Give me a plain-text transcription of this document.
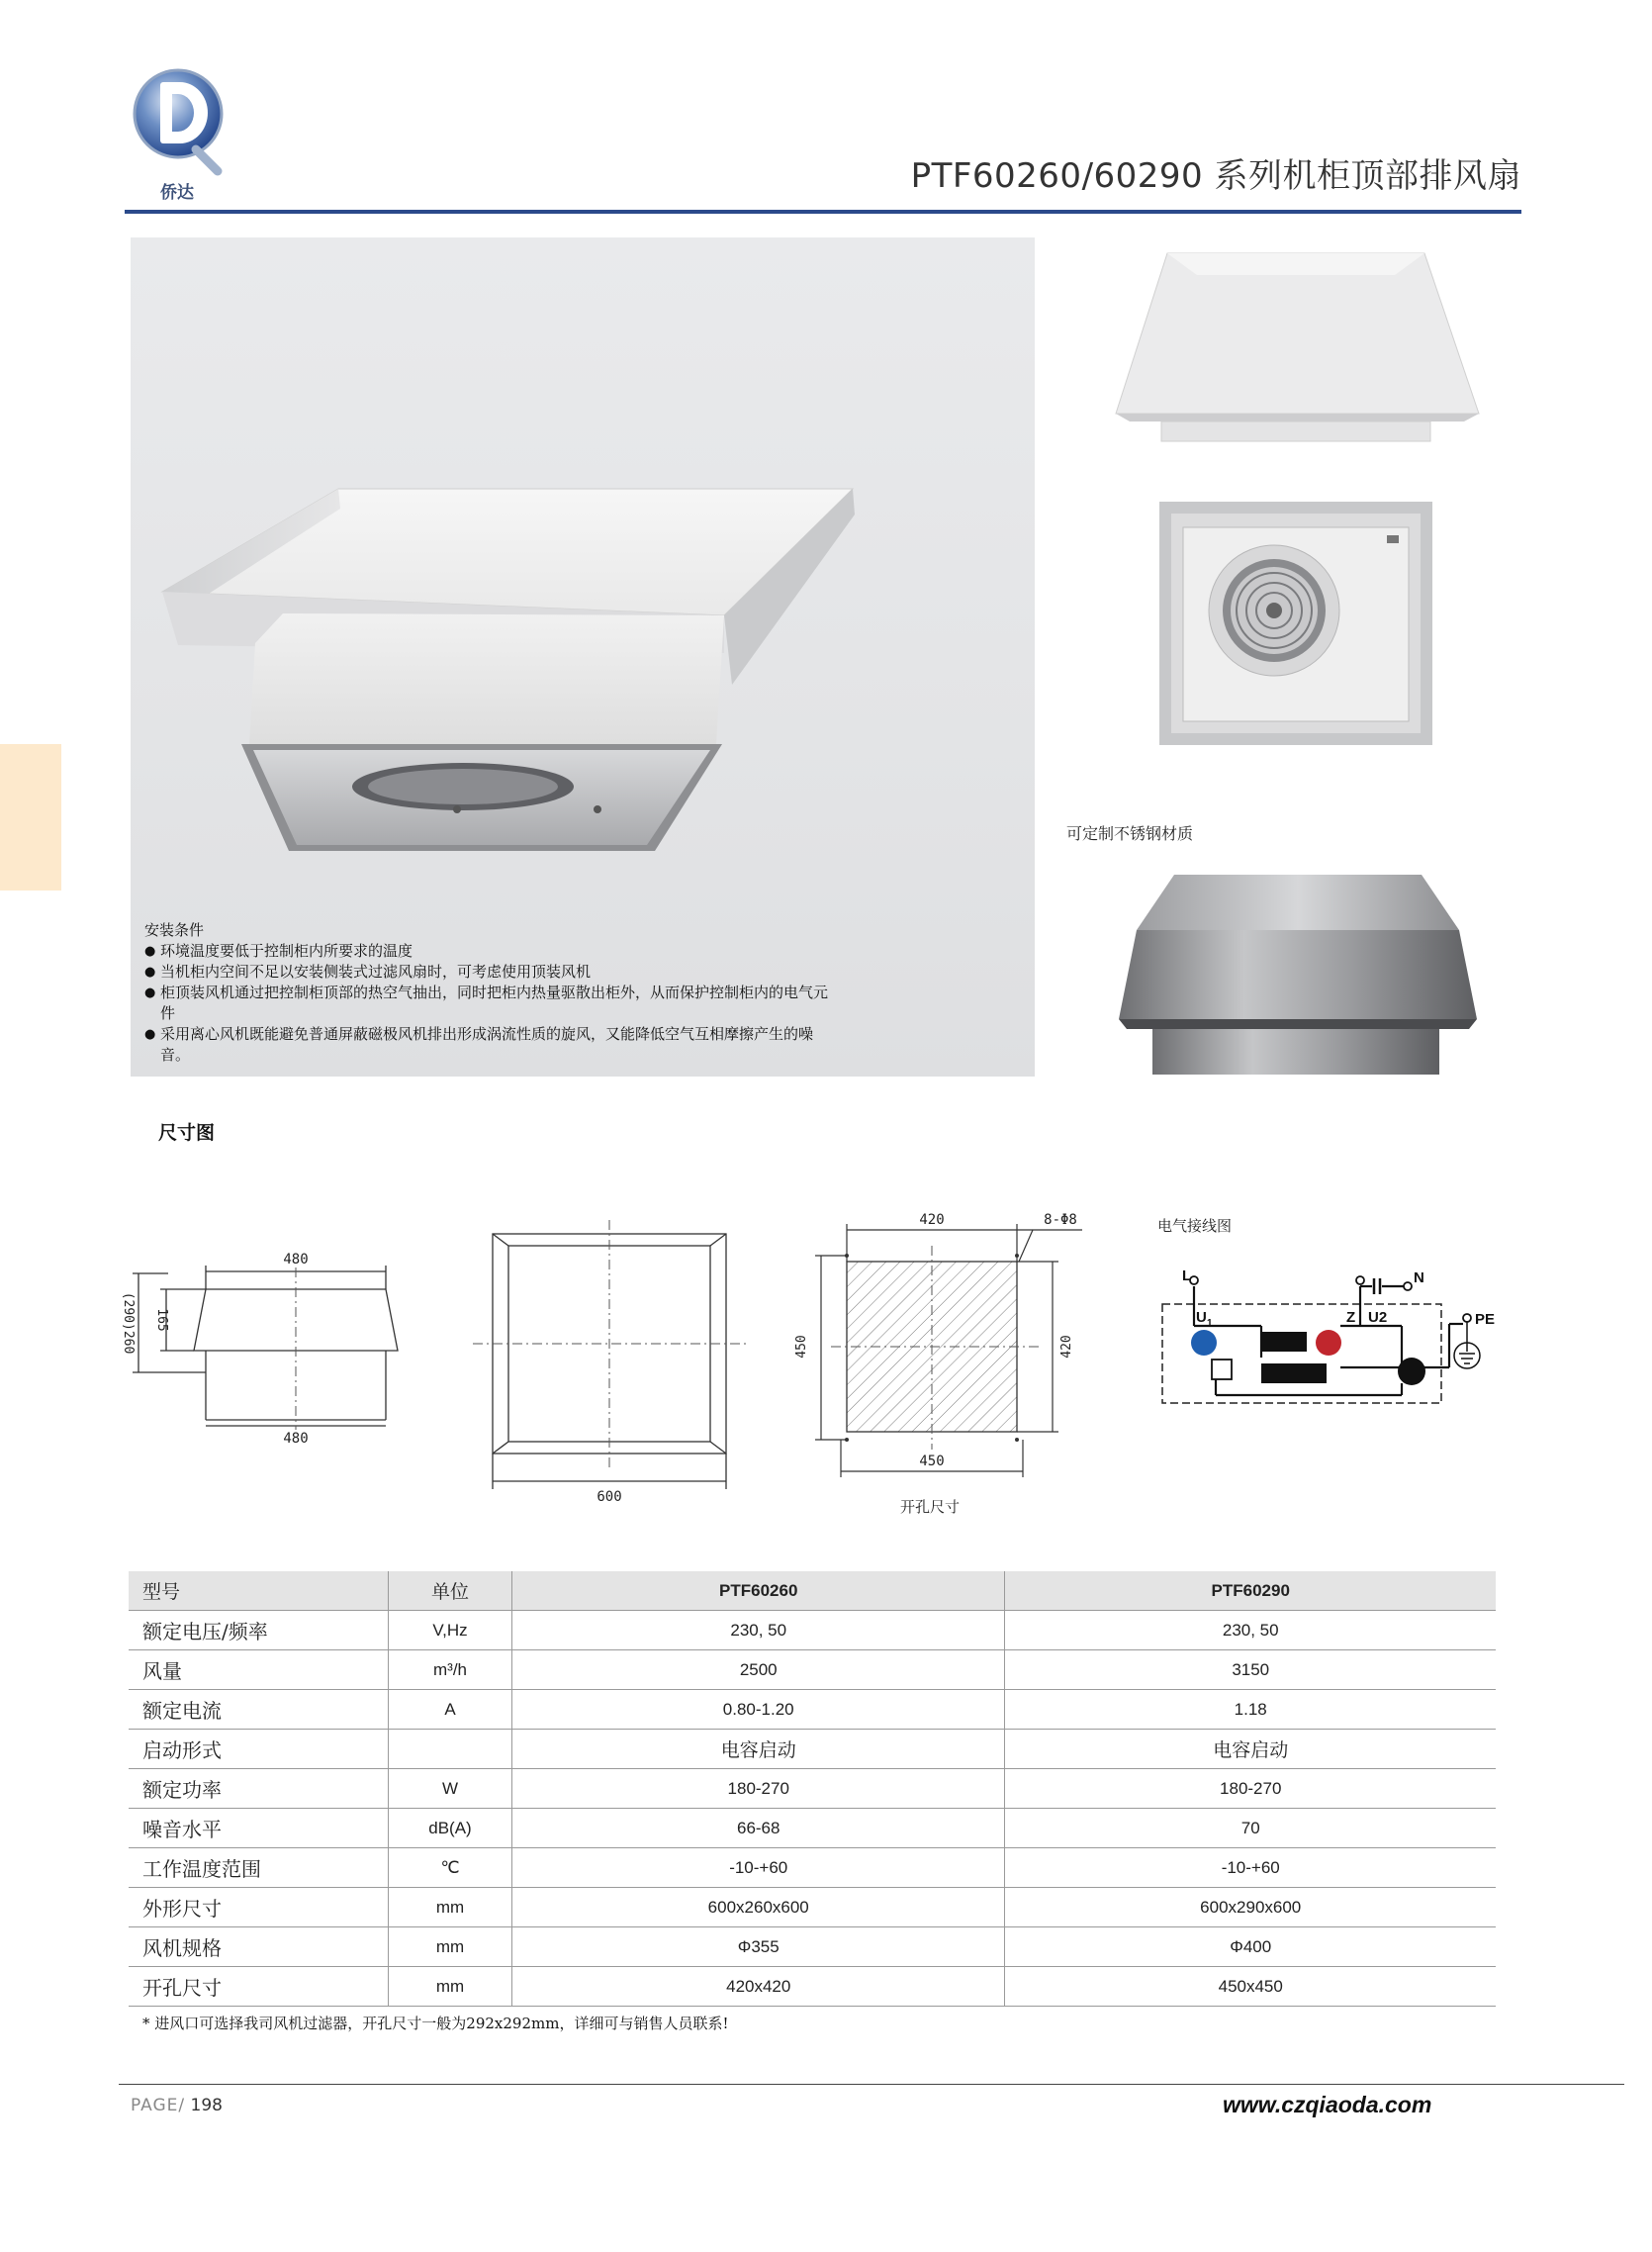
侨达	PTF60260/60290 系列机柜顶部排风扇
安装条件
● 环境温度要低于控制柜内所要求的温度
● 当机柜内空间不足以安装侧装式过滤风扇时，可考虑使用顶装风机
● 柜顶装风机通过把控制柜顶部的热空气抽出，同时把柜内热量驱散出柜外，从而保护控制柜内的电气元件
● 采用离心风机既能避免普通屏蔽磁极风机排出形成涡流性质的旋风，又能降低空气互相摩擦产生的噪音。
可定制不锈钢材质
尺寸图
480
480
165
(290)260
600
420	8-Φ8
450	420
450
开孔尺寸
电气接线图
L	N
U 1	Z U2	PE
型号	单位	PTF60260	PTF60290
额定电压/频率	V,Hz	230, 50	230, 50
风量	m³/h	2500	3150
额定电流	A	0.80-1.20	1.18
启动形式		电容启动	电容启动
额定功率	W	180-270	180-270
噪音水平	dB(A)	66-68	70
工作温度范围	℃	-10-+60	-10-+60
外形尺寸	mm	600x260x600	600x290x600
风机规格	mm	Φ355	Φ400
开孔尺寸	mm	420x420	450x450
* 进风口可选择我司风机过滤器，开孔尺寸一般为292x292mm，详细可与销售人员联系!
PAGE/ 198	www.czqiaoda.com
